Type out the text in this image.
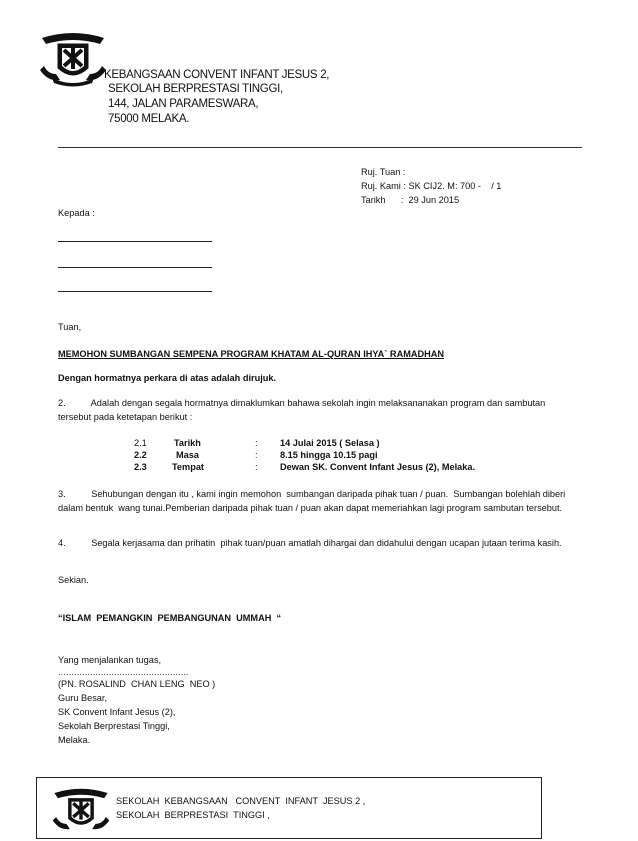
KEBANGSAAN CONVENT INFANT JESUS 2,
SEKOLAH BERPRESTASI TINGGI,
144, JALAN PARAMESWARA,
75000 MELAKA.
Ruj. Tuan :
Ruj. Kami : SK CIJ2. M: 700 -    / 1
Tarikh      :  29 Jun 2015
Kepada :
Tuan,
MEMOHON SUMBANGAN SEMPENA PROGRAM KHATAM AL-QURAN IHYA` RAMADHAN
Dengan hormatnya perkara di atas adalah dirujuk.
2.          Adalah dengan segala hormatnya dimaklumkan bahawa sekolah ingin melaksananakan program dan sambutan tersebut pada ketetapan berikut :
2.1	Tarikh	: 14 Julai 2015 ( Selasa )
2.2	Masa	: 8.15 hingga 10.15 pagi
2.3	Tempat	: Dewan SK. Convent Infant Jesus (2), Melaka.
3.          Sehubungan dengan itu , kami ingin memohon  sumbangan daripada pihak tuan / puan.  Sumbangan bolehlah diberi dalam bentuk  wang tunai.Pemberian daripada pihak tuan / puan akan dapat memeriahkan lagi program sambutan tersebut.
4.          Segala kerjasama dan prihatin  pihak tuan/puan amatlah dihargai dan didahului dengan ucapan jutaan terima kasih.
Sekian.
“ISLAM  PEMANGKIN  PEMBANGUNAN  UMMAH  “
Yang menjalankan tugas,
………………………………………….
(PN. ROSALIND  CHAN LENG  NEO )
Guru Besar,
SK Convent Infant Jesus (2),
Sekolah Berprestasi Tinggi,
Melaka.
SEKOLAH  KEBANGSAAN   CONVENT  INFANT  JESUS 2 ,
SEKOLAH  BERPRESTASI  TINGGI ,
